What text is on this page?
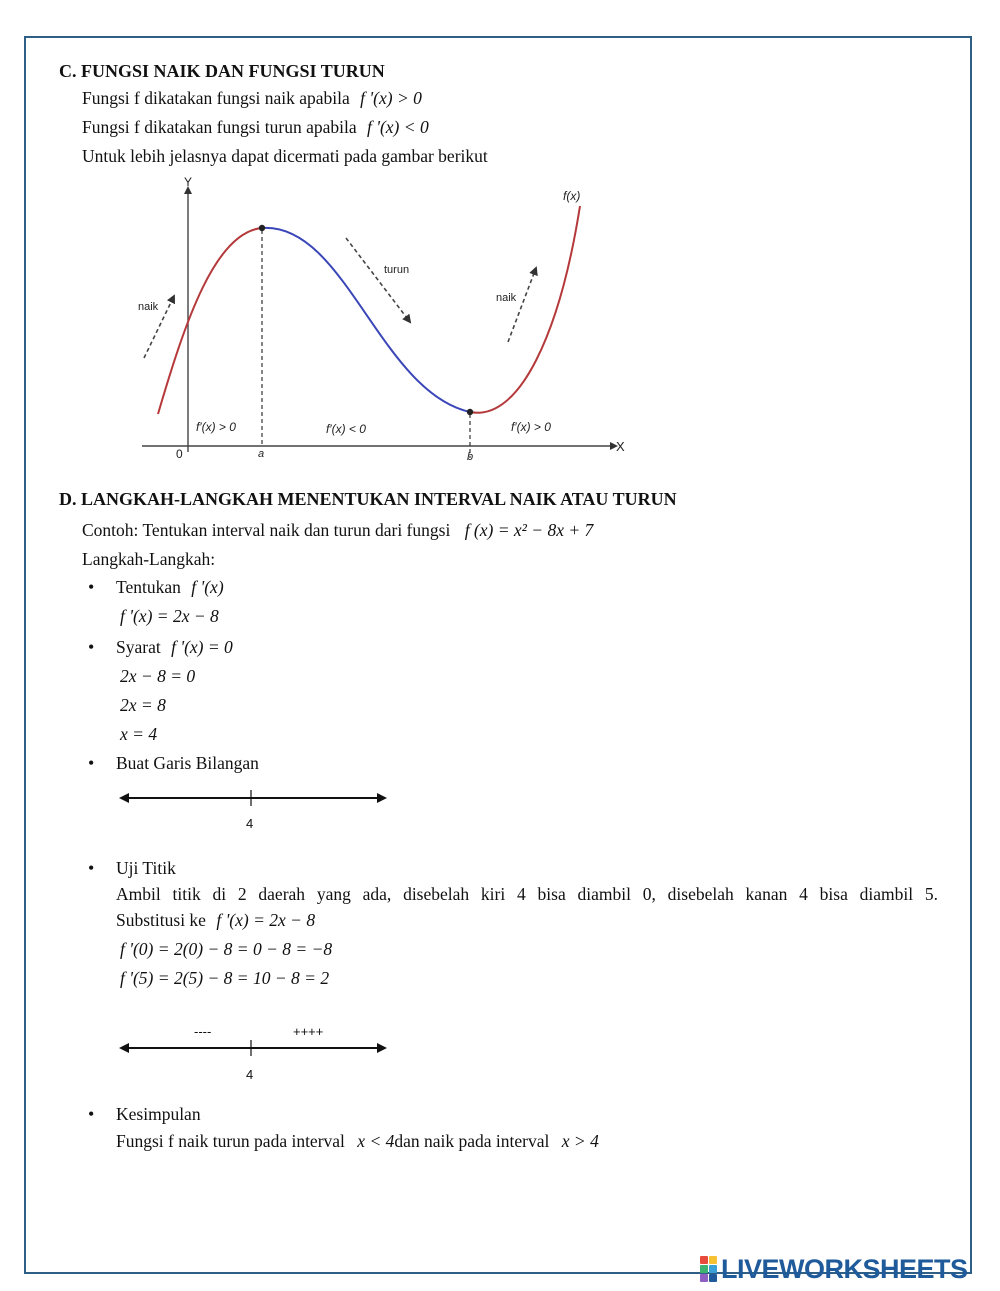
C. FUNGSI NAIK DAN FUNGSI TURUN
Fungsi f dikatakan fungsi naik apabila f '(x) > 0
Fungsi f dikatakan fungsi turun apabila f '(x) < 0
Untuk lebih jelasnya dapat dicermati pada gambar berikut
Y
X
0	a	b
f(x)
naik
turun
naik
f′(x) > 0	f′(x) < 0	f′(x) > 0
D. LANGKAH-LANGKAH MENENTUKAN INTERVAL NAIK ATAU TURUN
Contoh: Tentukan interval naik dan turun dari fungsi f (x) = x² − 8x + 7
Langkah-Langkah:
• Tentukan f '(x)
f '(x) = 2x − 8
• Syarat f '(x) = 0
2x − 8 = 0
2x = 8
x = 4
• Buat Garis Bilangan
4
• Uji Titik
Ambil titik di 2 daerah yang ada, disebelah kiri 4 bisa diambil 0, disebelah kanan 4 bisa diambil 5.
Substitusi ke f '(x) = 2x − 8
f '(0) = 2(0) − 8 = 0 − 8 = −8
f '(5) = 2(5) − 8 = 10 − 8 = 2
----	++++
4
• Kesimpulan
Fungsi f naik turun pada interval x < 4dan naik pada interval x > 4
LIVEWORKSHEETS
